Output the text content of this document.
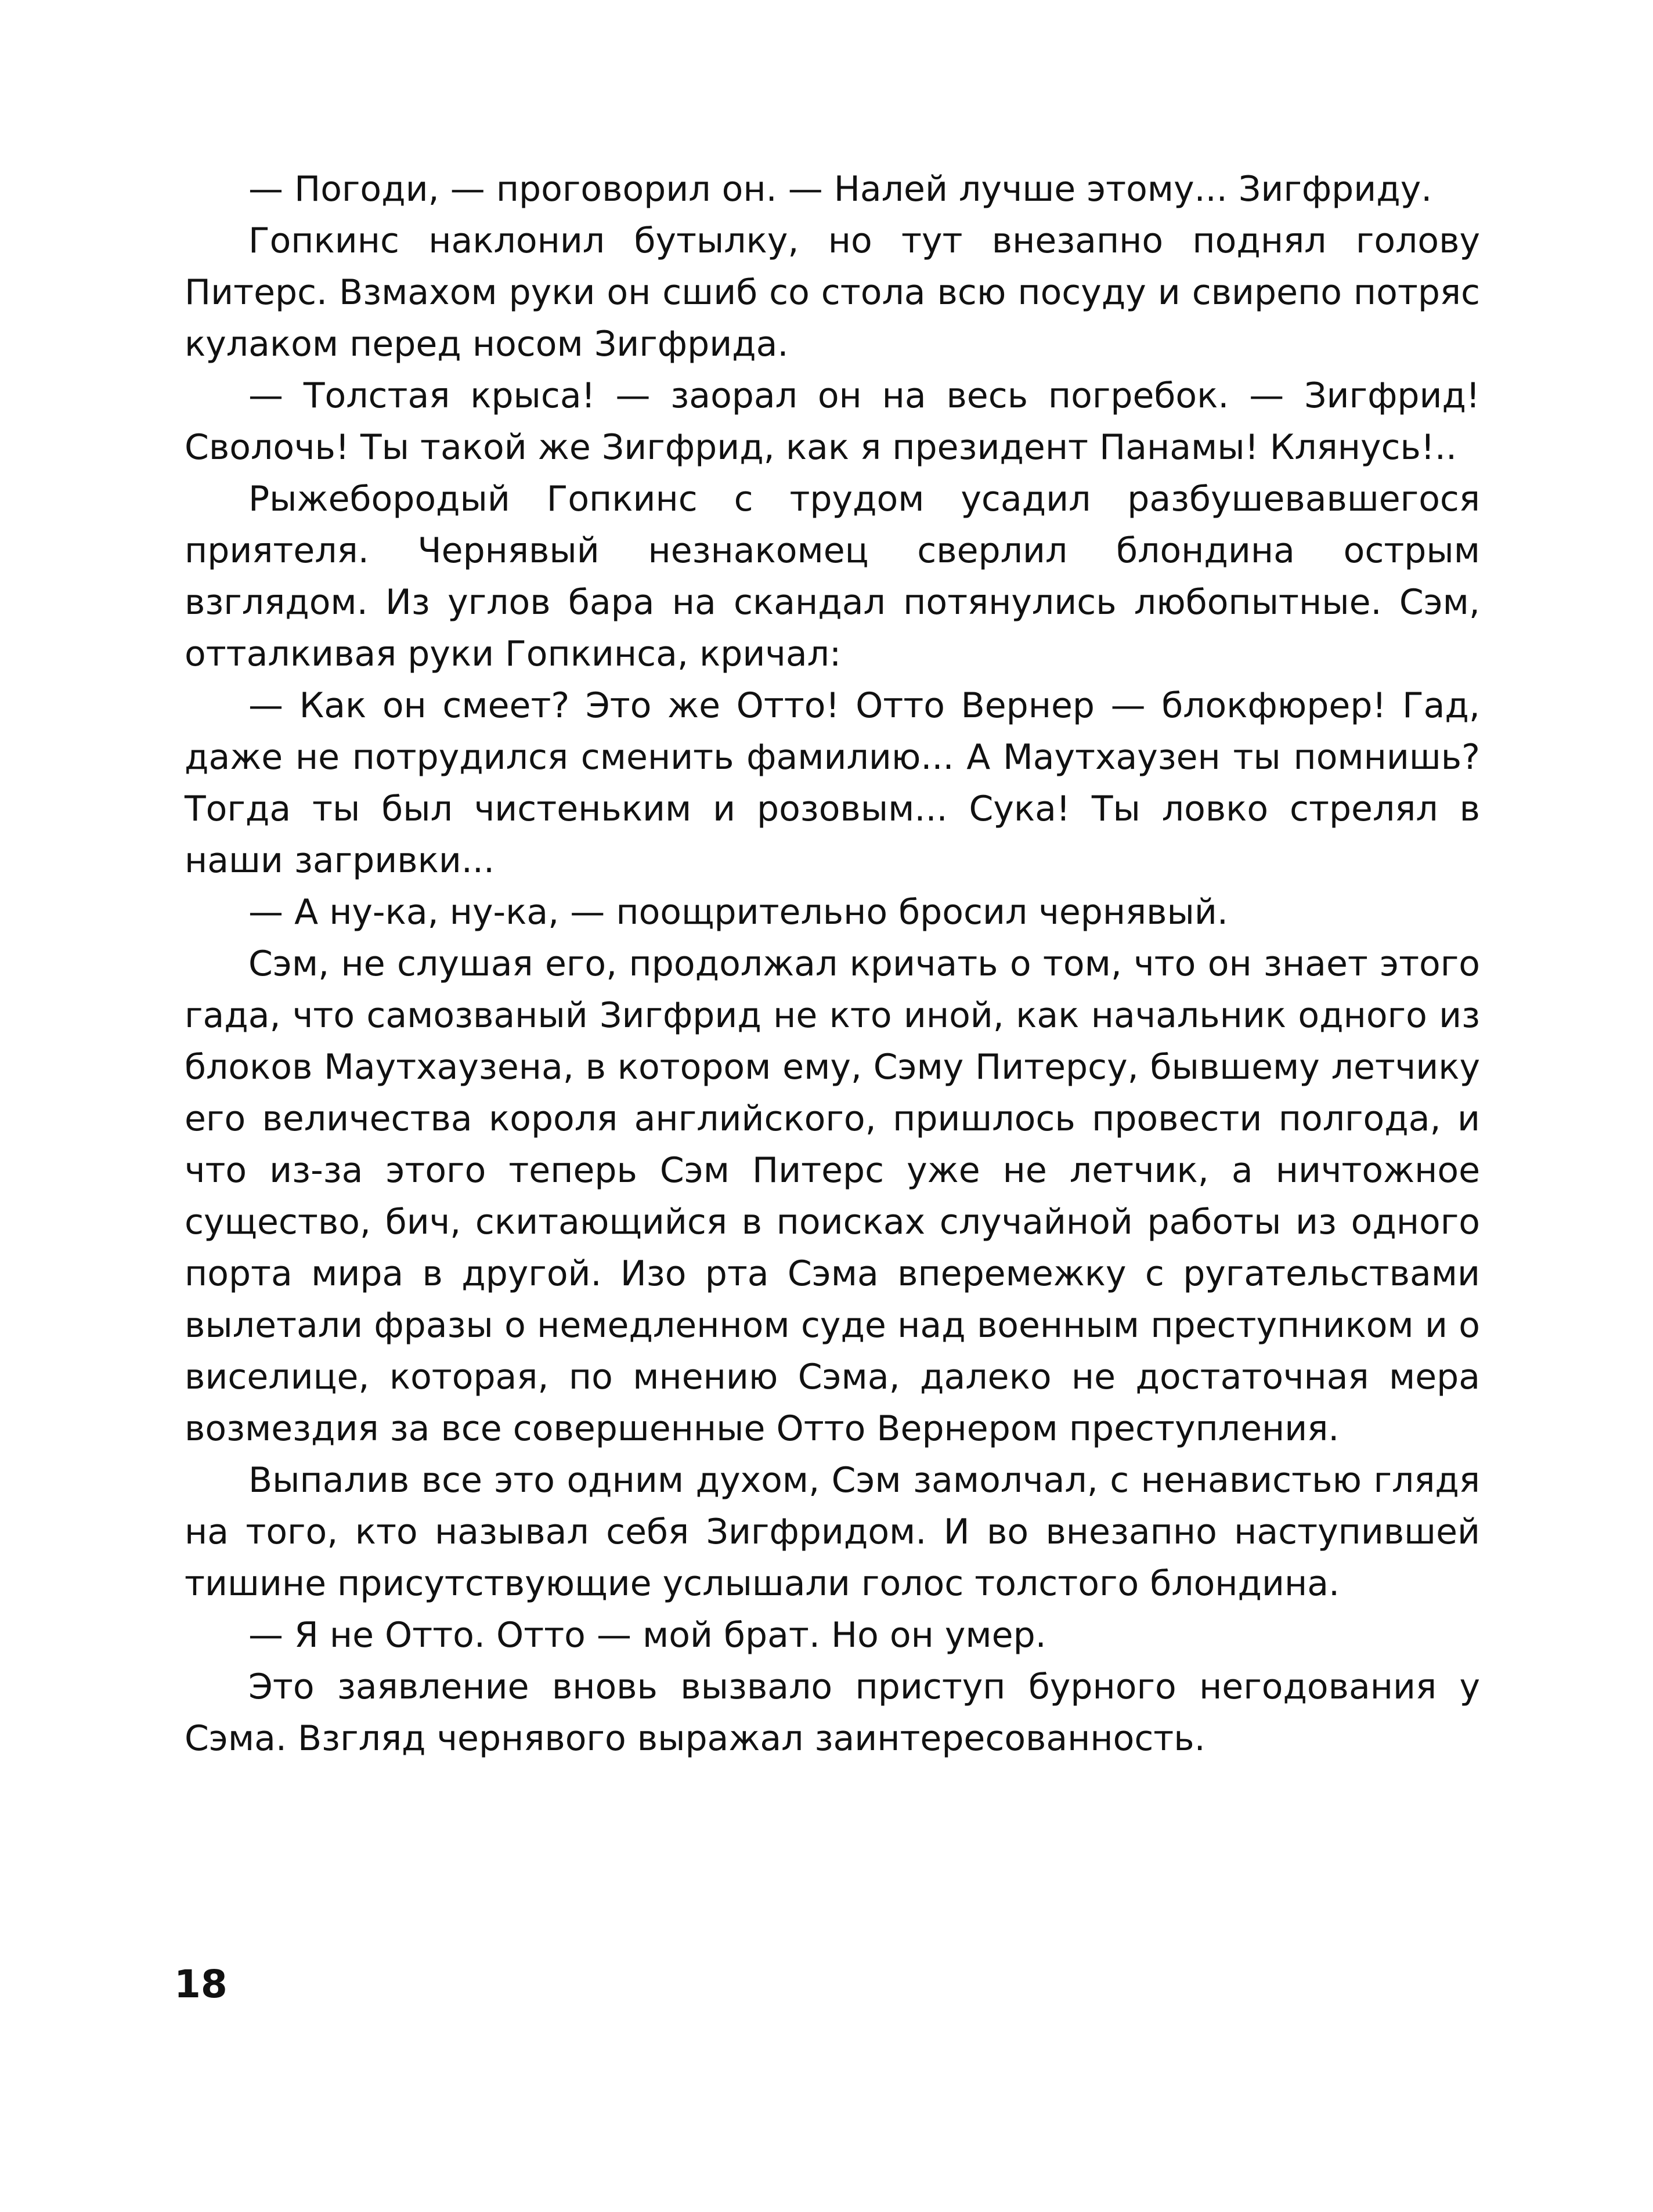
— Погоди, — проговорил он. — Налей лучше этому... Зигфриду.

Гопкинс наклонил бутылку, но тут внезапно поднял голову Питерс. Взмахом руки он сшиб со стола всю посуду и свирепо потряс кулаком перед носом Зигфрида.

— Толстая крыса! — заорал он на весь погребок. — Зигфрид! Сволочь! Ты такой же Зигфрид, как я президент Панамы! Клянусь!..

Рыжебородый Гопкинс с трудом усадил разбушевавшегося приятеля. Чернявый незнакомец сверлил блондина острым взглядом. Из углов бара на скандал потянулись любопытные. Сэм, отталкивая руки Гопкинса, кричал:

— Как он смеет? Это же Отто! Отто Вернер — блокфюрер! Гад, даже не потрудился сменить фамилию... А Маутхаузен ты помнишь? Тогда ты был чистеньким и розовым... Сука! Ты ловко стрелял в наши загривки...

— А ну-ка, ну-ка, — поощрительно бросил чернявый.

Сэм, не слушая его, продолжал кричать о том, что он знает этого гада, что самозваный Зигфрид не кто иной, как начальник одного из блоков Маутхаузена, в котором ему, Сэму Питерсу, бывшему летчику его величества короля английского, пришлось провести полгода, и что из-за этого теперь Сэм Питерс уже не летчик, а ничтожное существо, бич, скитающийся в поисках случайной работы из одного порта мира в другой. Изо рта Сэма вперемежку с ругательствами вылетали фразы о немедленном суде над военным преступником и о виселице, которая, по мнению Сэма, далеко не достаточная мера возмездия за все совершенные Отто Вернером преступления.

Выпалив все это одним духом, Сэм замолчал, с ненавистью глядя на того, кто называл себя Зигфридом. И во внезапно наступившей тишине присутствующие услышали голос толстого блондина.

— Я не Отто. Отто — мой брат. Но он умер.

Это заявление вновь вызвало приступ бурного негодования у Сэма. Взгляд чернявого выражал заинтересованность.

18
